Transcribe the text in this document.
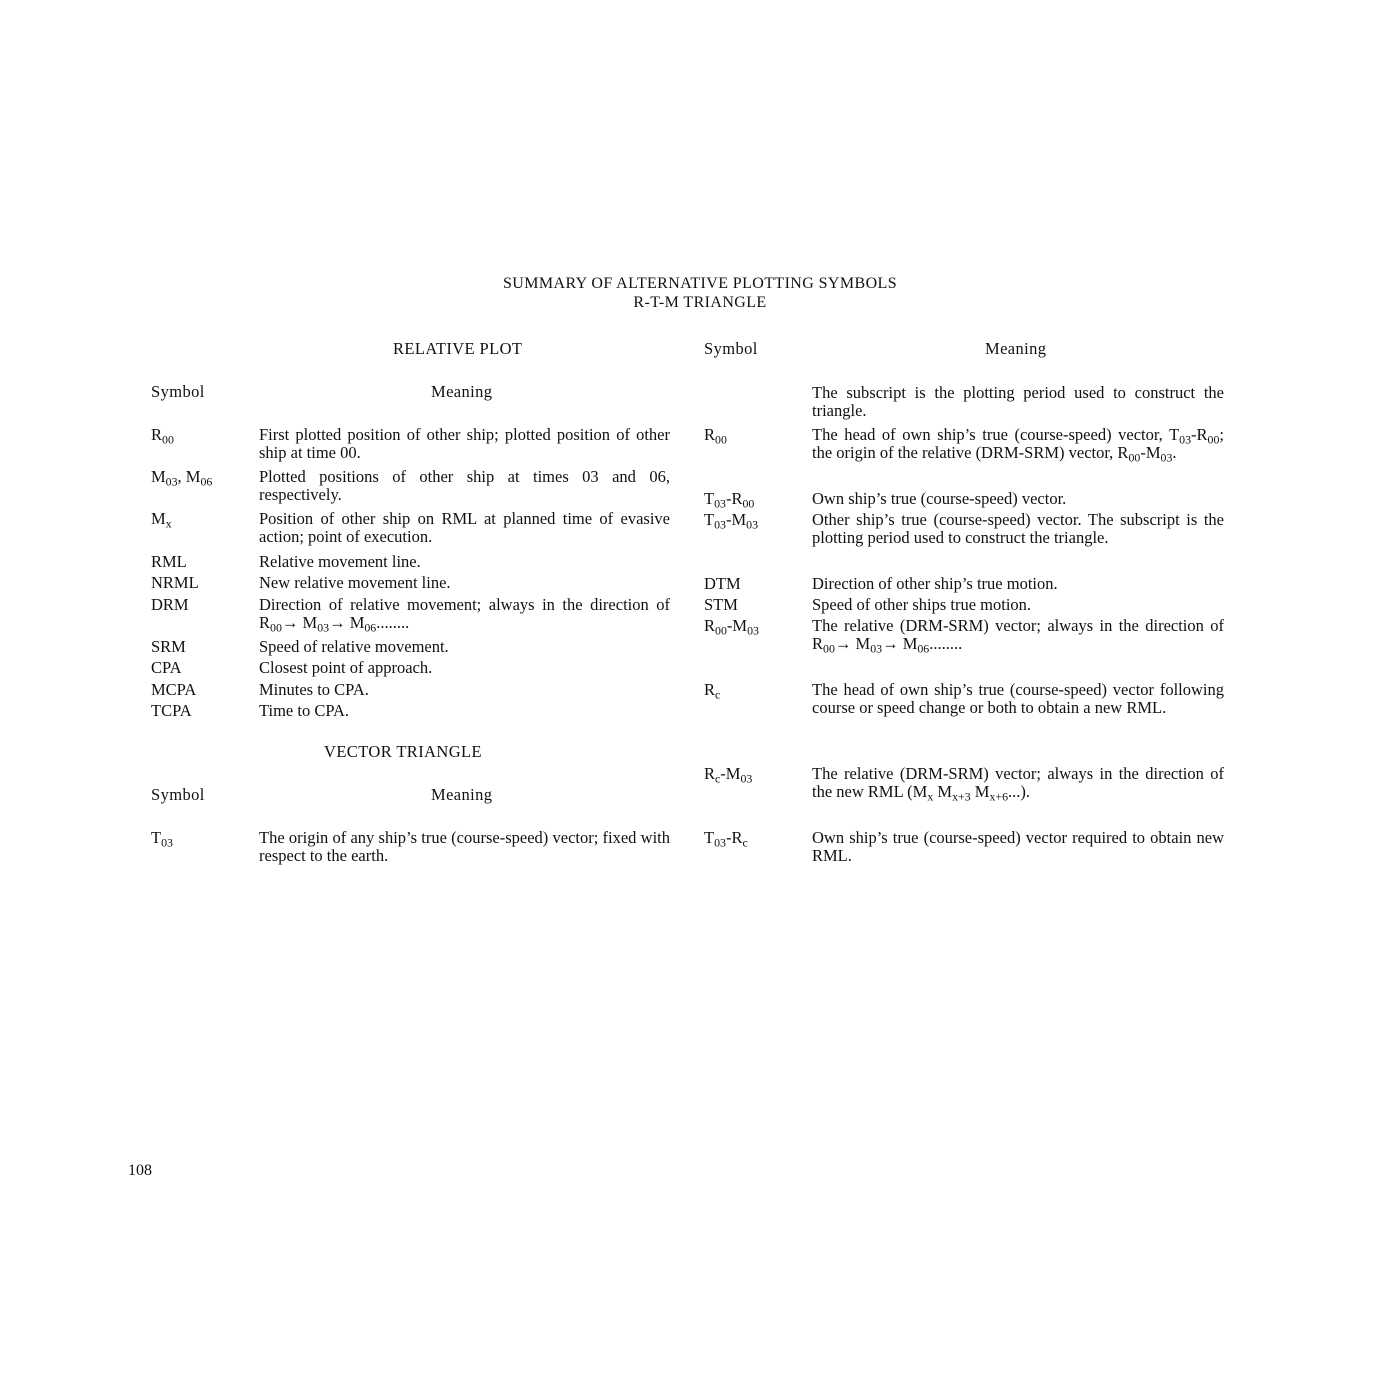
SUMMARY OF ALTERNATIVE PLOTTING SYMBOLS
R-T-M TRIANGLE
RELATIVE PLOT
Symbol	Meaning
$R_{00}$	First plotted position of other ship; plotted position of other ship at time 00.
$M_{03}$, $M_{06}$	Plotted positions of other ship at times 03 and 06, respectively.
$M_x$	Position of other ship on RML at planned time of evasive action; point of execution.
RML	Relative movement line.
NRML	New relative movement line.
DRM	Direction of relative movement; always in the direction of $R_{00}\to M_{03}\to M_{06}$........
SRM	Speed of relative movement.
CPA	Closest point of approach.
MCPA	Minutes to CPA.
TCPA	Time to CPA.
VECTOR TRIANGLE
Symbol	Meaning
$T_{03}$	The origin of any ship’s true (course-speed) vector; fixed with respect to the earth.
Symbol	Meaning
The subscript is the plotting period used to construct the triangle.
$R_{00}$	The head of own ship’s true (course-speed) vector, $T_{03}-R_{00}$; the origin of the relative (DRM-SRM) vector, $R_{00}-M_{03}$.
$T_{03}-R_{00}$	Own ship’s true (course-speed) vector.
$T_{03}-M_{03}$	Other ship’s true (course-speed) vector. The subscript is the plotting period used to construct the triangle.
DTM	Direction of other ship’s true motion.
STM	Speed of other ships true motion.
$R_{00}-M_{03}$	The relative (DRM-SRM) vector; always in the direction of $R_{00}\to M_{03}\to M_{06}$........
$R_c$	The head of own ship’s true (course-speed) vector following course or speed change or both to obtain a new RML.
$R_c-M_{03}$	The relative (DRM-SRM) vector; always in the direction of the new RML ($M_x$ $M_{x+3}$ $M_{x+6}$...).
$T_{03}-R_c$	Own ship’s true (course-speed) vector required to obtain new RML.
108
